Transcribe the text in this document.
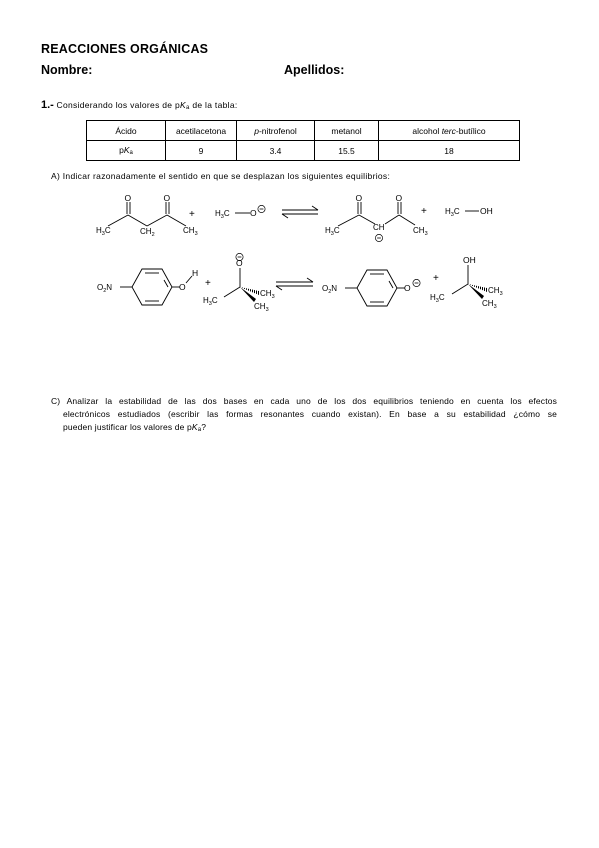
REACCIONES ORGÁNICAS
Nombre:	Apellidos:
1.- Considerando los valores de pKa de la tabla:
Ácido	acetilacetona	p-nitrofenol	metanol	alcohol terc-butílico
pKa	9	3.4	15.5	18
A) Indicar razonadamente el sentido en que se desplazan los siguientes equilibrios:
O	O
$H_3C$	$CH_2$	$CH_3$
+	$H_3C$ O
O	O
$H_3C$	CH	$CH_3$
+ $H_3C$ OH
$O_2N$	O
H
+
O
$CH_3$
$CH_3$
$H_3C$
$O_2N$	O
+
OH
$CH_3$
$CH_3$
$H_3C$

C) Analizar la estabilidad de las dos bases en cada uno de los dos equilibrios teniendo en cuenta los efectos

electrónicos estudiados (escribir las formas resonantes cuando existan). En base a su estabilidad ¿cómo se

pueden justificar los valores de pKa?
